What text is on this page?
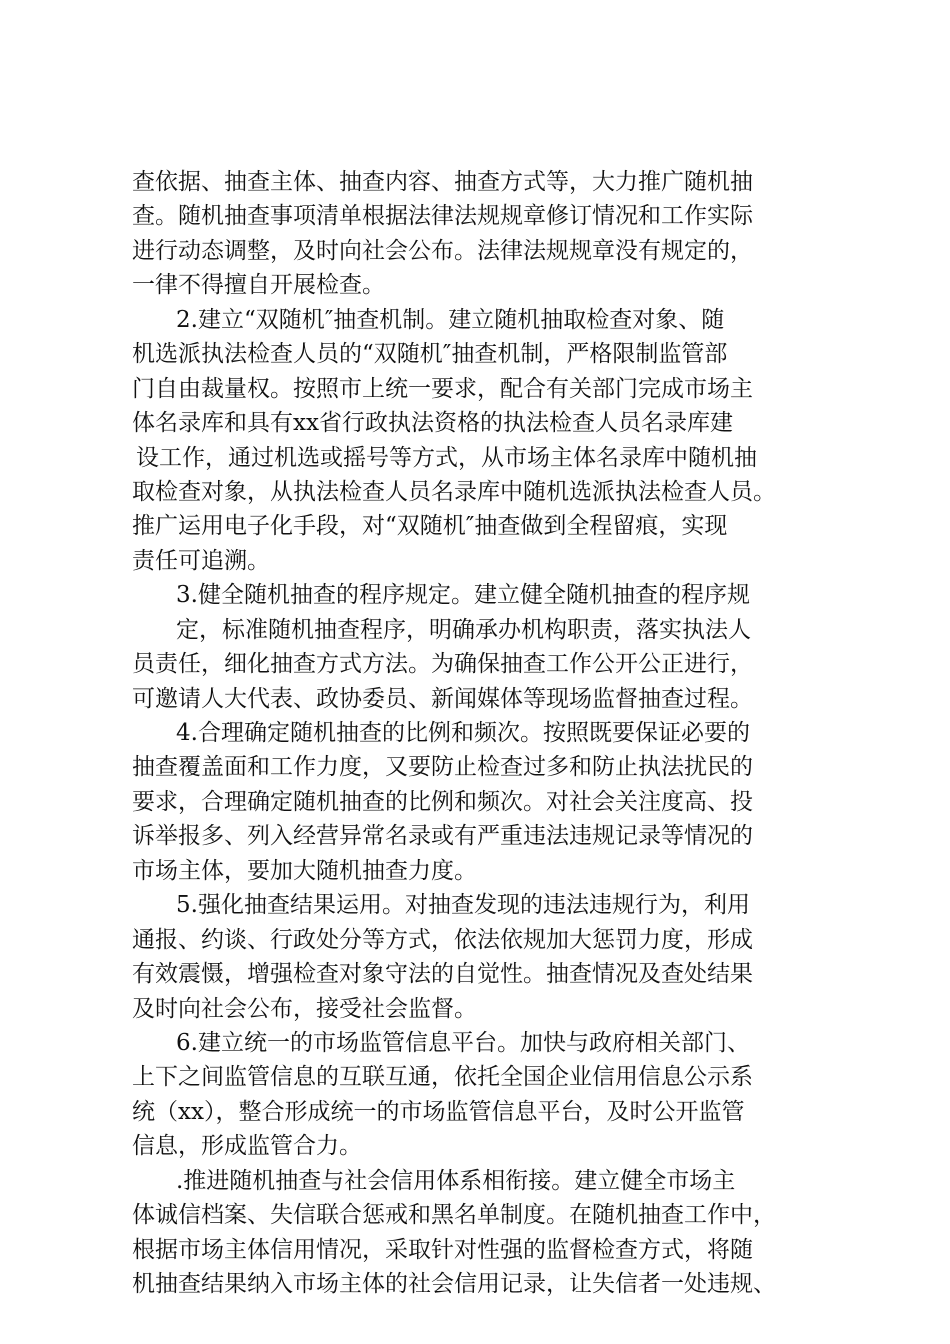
查依据、抽查主体、抽查内容、抽查方式等，大力推广随机抽
查。随机抽查事项清单根据法律法规规章修订情况和工作实际
进行动态调整，及时向社会公布。法律法规规章没有规定的，
一律不得擅自开展检查。
2.建立“双随机″抽查机制。建立随机抽取检查对象、随
机选派执法检查人员的“双随机″抽查机制，严格限制监管部
门自由裁量权。按照市上统一要求，配合有关部门完成市场主
体名录库和具有xx省行政执法资格的执法检查人员名录库建
设工作，通过机选或摇号等方式，从市场主体名录库中随机抽
取检查对象，从执法检查人员名录库中随机选派执法检查人员。
推广运用电子化手段，对“双随机″抽查做到全程留痕，实现
责任可追溯。
3.健全随机抽查的程序规定。建立健全随机抽查的程序规
定，标准随机抽查程序，明确承办机构职责，落实执法人
员责任，细化抽查方式方法。为确保抽查工作公开公正进行，
可邀请人大代表、政协委员、新闻媒体等现场监督抽查过程。
4.合理确定随机抽查的比例和频次。按照既要保证必要的
抽查覆盖面和工作力度，又要防止检查过多和防止执法扰民的
要求，合理确定随机抽查的比例和频次。对社会关注度高、投
诉举报多、列入经营异常名录或有严重违法违规记录等情况的
市场主体，要加大随机抽查力度。
5.强化抽查结果运用。对抽查发现的违法违规行为，利用
通报、约谈、行政处分等方式，依法依规加大惩罚力度，形成
有效震慑，增强检查对象守法的自觉性。抽查情况及查处结果
及时向社会公布，接受社会监督。
6.建立统一的市场监管信息平台。加快与政府相关部门、
上下之间监管信息的互联互通，依托全国企业信用信息公示系
统（xx），整合形成统一的市场监管信息平台，及时公开监管
信息，形成监管合力。
.推进随机抽查与社会信用体系相衔接。建立健全市场主
体诚信档案、失信联合惩戒和黑名单制度。在随机抽查工作中，
根据市场主体信用情况，采取针对性强的监督检查方式，将随
机抽查结果纳入市场主体的社会信用记录，让失信者一处违规、
